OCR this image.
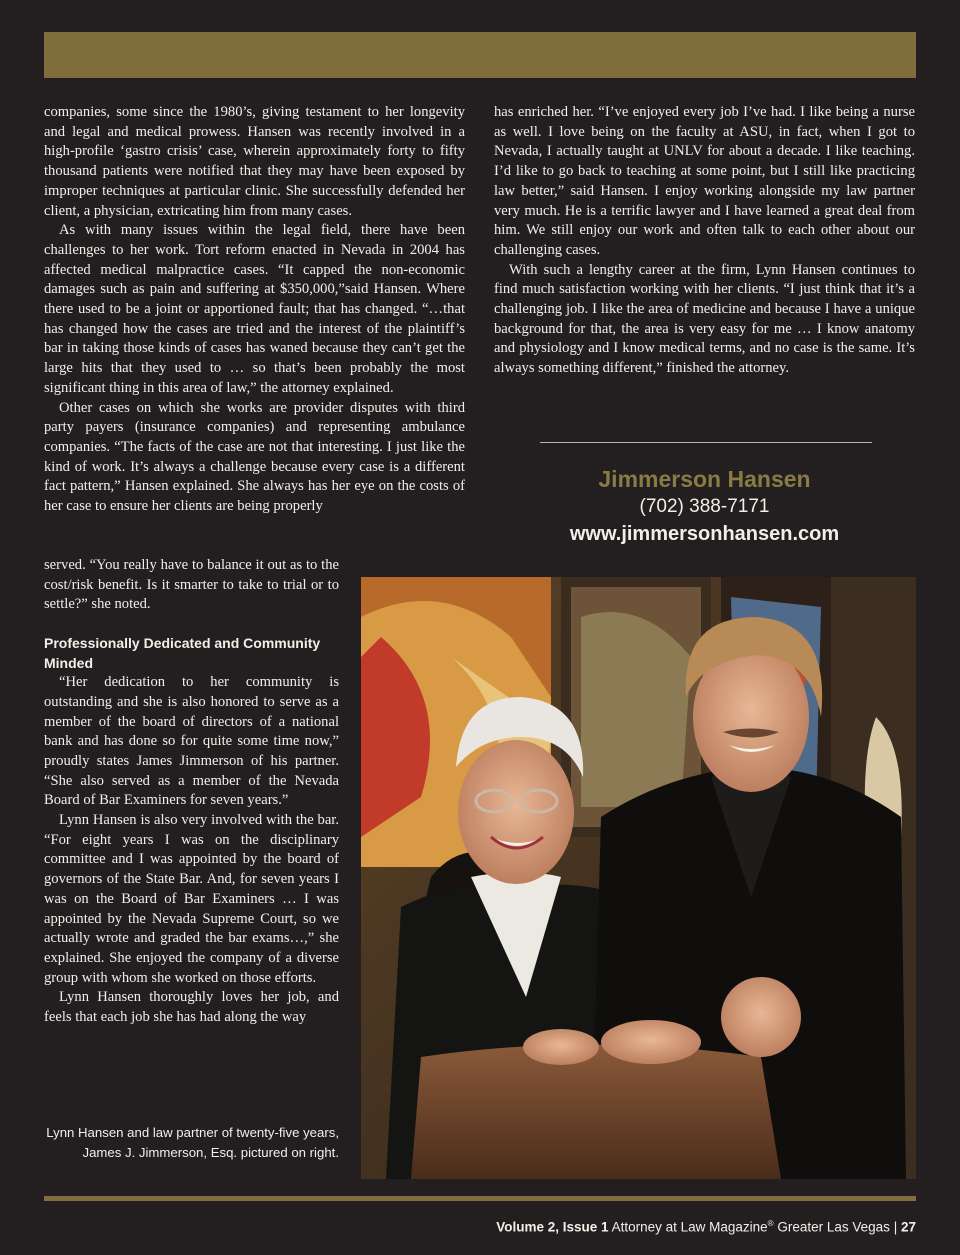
companies, some since the 1980’s, giving testament to her longevity and legal and medical prowess. Hansen was recently involved in a high-profile ‘gastro crisis’ case, wherein approximately forty to fifty thousand patients were notified that they may have been exposed by improper techniques at particular clinic. She successfully defended her client, a physician, extricating him from many cases.

As with many issues within the legal field, there have been challenges to her work. Tort reform enacted in Nevada in 2004 has affected medical malpractice cases. “It capped the non-economic damages such as pain and suffering at $350,000,”said Hansen. Where there used to be a joint or apportioned fault; that has changed. “…that has changed how the cases are tried and the interest of the plaintiff’s bar in taking those kinds of cases has waned because they can’t get the large hits that they used to … so that’s been probably the most significant thing in this area of law,” the attorney explained.

Other cases on which she works are provider disputes with third party payers (insurance companies) and representing ambulance companies. “The facts of the case are not that interesting. I just like the kind of work. It’s always a challenge because every case is a different fact pattern,” Hansen explained. She always has her eye on the costs of her case to ensure her clients are being properly

served. “You really have to balance it out as to the cost/risk benefit. Is it smarter to take to trial or to settle?” she noted.

Professionally Dedicated and Community Minded

“Her dedication to her community is outstanding and she is also honored to serve as a member of the board of directors of a national bank and has done so for quite some time now,” proudly states James Jimmerson of his partner. “She also served as a member of the Nevada Board of Bar Examiners for seven years.”

Lynn Hansen is also very involved with the bar. “For eight years I was on the disciplinary committee and I was appointed by the board of governors of the State Bar. And, for seven years I was on the Board of Bar Examiners … I was appointed by the Nevada Supreme Court, so we actually wrote and graded the bar exams…,” she explained. She enjoyed the company of a diverse group with whom she worked on those efforts.

Lynn Hansen thoroughly loves her job, and feels that each job she has had along the way

has enriched her. “I’ve enjoyed every job I’ve had. I like being a nurse as well. I love being on the faculty at ASU, in fact, when I got to Nevada, I actually taught at UNLV for about a decade. I like teaching. I’d like to go back to teaching at some point, but I still like practicing law better,” said Hansen. I enjoy working alongside my law partner very much. He is a terrific lawyer and I have learned a great deal from him. We still enjoy our work and often talk to each other about our challenging cases.

With such a lengthy career at the firm, Lynn Hansen continues to find much satisfaction working with her clients. “I just think that it’s a challenging job. I like the area of medicine and because I have a unique background for that, the area is very easy for me … I know anatomy and physiology and I know medical terms, and no case is the same. It’s always something different,” finished the attorney.

Jimmerson Hansen
(702) 388-7171
www.jimmersonhansen.com
Lynn Hansen and law partner of twenty-five years, James J. Jimmerson, Esq. pictured on right.
Volume 2, Issue 1 Attorney at Law Magazine® Greater Las Vegas | 27
